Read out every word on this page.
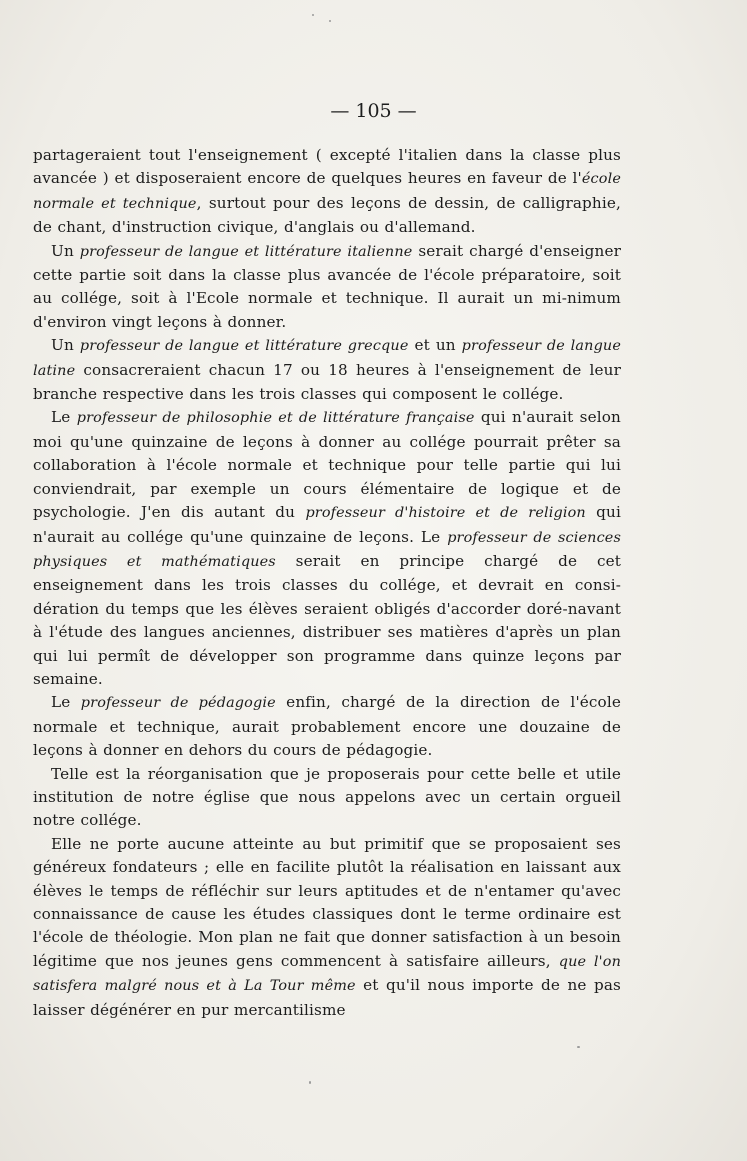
— 105 —

partageraient tout l'enseignement ( excepté l'italien dans la classe plus avancée ) et disposeraient encore de quelques heures en faveur de l'école normale et technique, surtout pour des leçons de dessin, de calligraphie, de chant, d'instruction civique, d'anglais ou d'allemand.

Un professeur de langue et littérature italienne serait chargé d'enseigner cette partie soit dans la classe plus avancée de l'école préparatoire, soit au collége, soit à l'Ecole normale et technique. Il aurait un mi-nimum d'environ vingt leçons à donner.

Un professeur de langue et littérature grecque et un professeur de langue latine consacreraient chacun 17 ou 18 heures à l'enseignement de leur branche respective dans les trois classes qui composent le collége.

Le professeur de philosophie et de littérature française qui n'aurait selon moi qu'une quinzaine de leçons à donner au collége pourrait prêter sa collaboration à l'école normale et technique pour telle partie qui lui conviendrait, par exemple un cours élémentaire de logique et de psychologie. J'en dis autant du professeur d'histoire et de religion qui n'aurait au collége qu'une quinzaine de leçons. Le professeur de sciences physiques et mathématiques serait en principe chargé de cet enseignement dans les trois classes du collége, et devrait en consi-dération du temps que les élèves seraient obligés d'accorder doré-navant à l'étude des langues anciennes, distribuer ses matières d'après un plan qui lui permît de développer son programme dans quinze leçons par semaine.

Le professeur de pédagogie enfin, chargé de la direction de l'école normale et technique, aurait probablement encore une douzaine de leçons à donner en dehors du cours de pédagogie.

Telle est la réorganisation que je proposerais pour cette belle et utile institution de notre église que nous appelons avec un certain orgueil notre collége.

Elle ne porte aucune atteinte au but primitif que se proposaient ses généreux fondateurs ; elle en facilite plutôt la réalisation en laissant aux élèves le temps de réfléchir sur leurs aptitudes et de n'entamer qu'avec connaissance de cause les études classiques dont le terme ordinaire est l'école de théologie. Mon plan ne fait que donner satisfaction à un besoin légitime que nos jeunes gens commencent à satisfaire ailleurs, que l'on satisfera malgré nous et à La Tour même et qu'il nous importe de ne pas laisser dégénérer en pur mercantilisme
